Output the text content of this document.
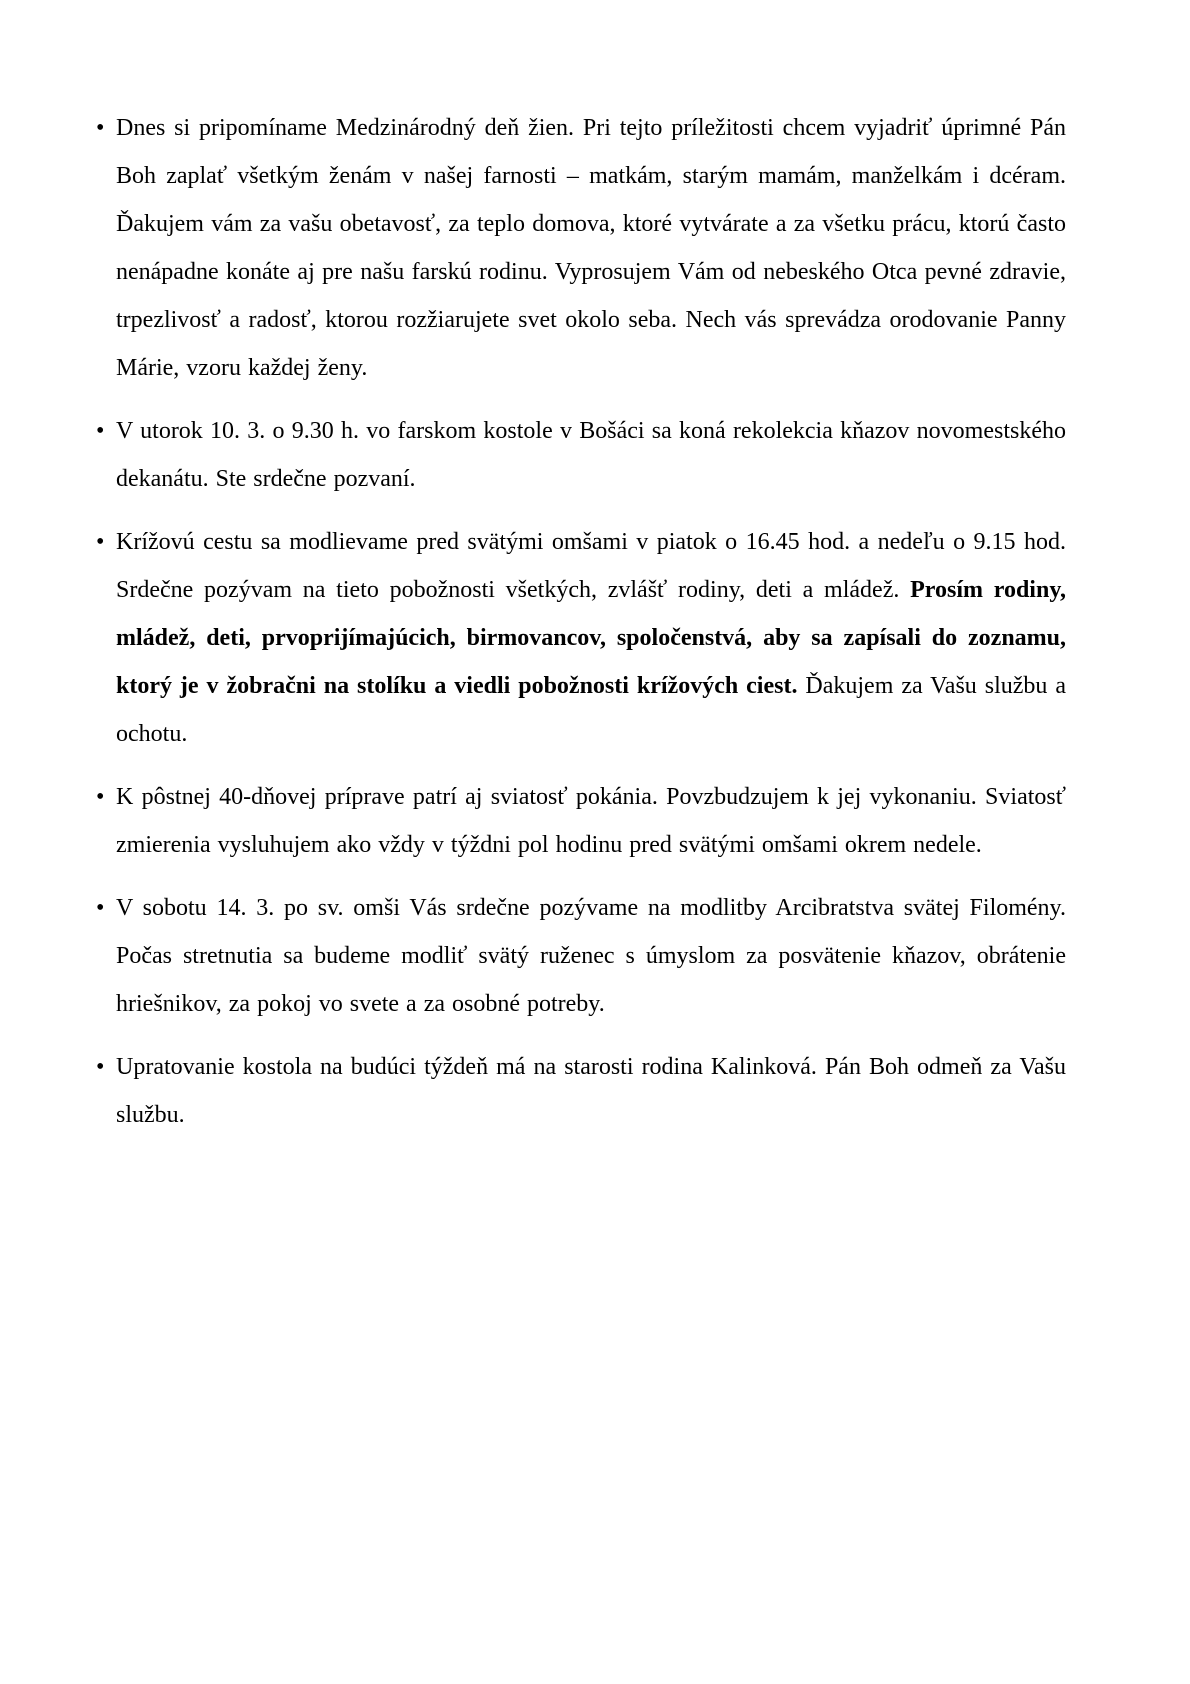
• Dnes si pripomíname Medzinárodný deň žien. Pri tejto príležitosti chcem vyjadriť úprimné Pán Boh zaplať všetkým ženám v našej farnosti – matkám, starým mamám, manželkám i dcéram. Ďakujem vám za vašu obetavosť, za teplo domova, ktoré vytvárate a za všetku prácu, ktorú často nenápadne konáte aj pre našu farskú rodinu. Vyprosujem Vám od nebeského Otca pevné zdravie, trpezlivosť a radosť, ktorou rozžiarujete svet okolo seba. Nech vás sprevádza orodovanie Panny Márie, vzoru každej ženy.
• V utorok 10. 3. o 9.30 h. vo farskom kostole v Bošáci sa koná rekolekcia kňazov novomestského dekanátu. Ste srdečne pozvaní.
• Krížovú cestu sa modlievame pred svätými omšami v piatok o 16.45 hod. a nedeľu o 9.15 hod. Srdečne pozývam na tieto pobožnosti všetkých, zvlášť rodiny, deti a mládež. Prosím rodiny, mládež, deti, prvoprijímajúcich, birmovancov, spoločenstvá, aby sa zapísali do zoznamu, ktorý je v žobračni na stolíku a viedli pobožnosti krížových ciest. Ďakujem za Vašu službu a ochotu.
• K pôstnej 40-dňovej príprave patrí aj sviatosť pokánia. Povzbudzujem k jej vykonaniu. Sviatosť zmierenia vysluhujem ako vždy v týždni pol hodinu pred svätými omšami okrem nedele.
• V sobotu 14. 3. po sv. omši Vás srdečne pozývame na modlitby Arcibratstva svätej Filomény. Počas stretnutia sa budeme modliť svätý ruženec s úmyslom za posvätenie kňazov, obrátenie hriešnikov, za pokoj vo svete a za osobné potreby.
• Upratovanie kostola na budúci týždeň má na starosti rodina Kalinková. Pán Boh odmeň za Vašu službu.
